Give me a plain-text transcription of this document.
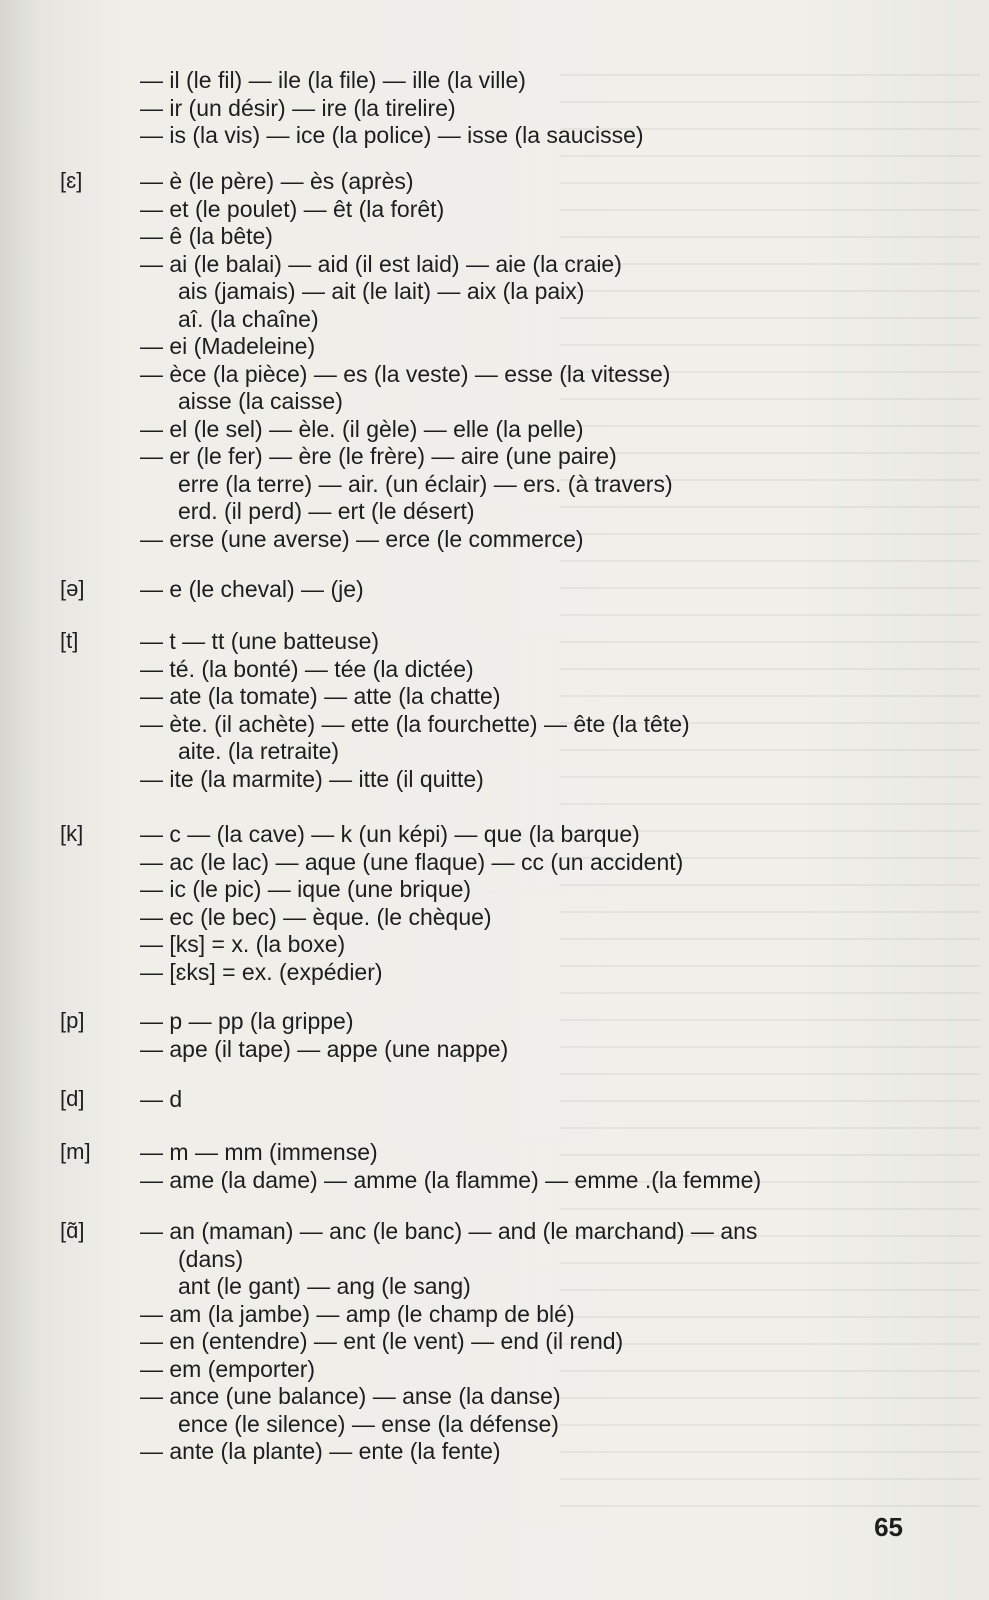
— il (le fil) — ile (la file) — ille (la ville)
— ir (un désir) — ire (la tirelire)
— is (la vis) — ice (la police) — isse (la saucisse)
[ɛ]	— è (le père) — ès (après)
— et (le poulet) — êt (la forêt)
— ê (la bête)
— ai (le balai) — aid (il est laid) — aie (la craie)
ais (jamais) — ait (le lait) — aix (la paix)
aî. (la chaîne)
— ei (Madeleine)
— èce (la pièce) — es (la veste) — esse (la vitesse)
aisse (la caisse)
— el (le sel) — èle. (il gèle) — elle (la pelle)
— er (le fer) — ère (le frère) — aire (une paire)
erre (la terre) — air. (un éclair) — ers. (à travers)
erd. (il perd) — ert (le désert)
— erse (une averse) — erce (le commerce)
[ə] — e (le cheval) — (je)
[t]	— t — tt (une batteuse)
— té. (la bonté) — tée (la dictée)
— ate (la tomate) — atte (la chatte)
— ète. (il achète) — ette (la fourchette) — ête (la tête)
aite. (la retraite)
— ite (la marmite) — itte (il quitte)
[k] — c — (la cave) — k (un képi) — que (la barque)
— ac (le lac) — aque (une flaque) — cc (un accident)
— ic (le pic) — ique (une brique)
— ec (le bec) — èque. (le chèque)
— [ks] = x. (la boxe)
— [ɛks] = ex. (expédier)
[p] — p — pp (la grippe)
— ape (il tape) — appe (une nappe)
[d] — d
[m] — m — mm (immense)
— ame (la dame) — amme (la flamme) — emme .(la femme)
[ɑ̃] — an (maman) — anc (le banc) — and (le marchand) — ans
(dans)
ant (le gant) — ang (le sang)
— am (la jambe) — amp (le champ de blé)
— en (entendre) — ent (le vent) — end (il rend)
— em (emporter)
— ance (une balance) — anse (la danse)
ence (le silence) — ense (la défense)
— ante (la plante) — ente (la fente)
65
